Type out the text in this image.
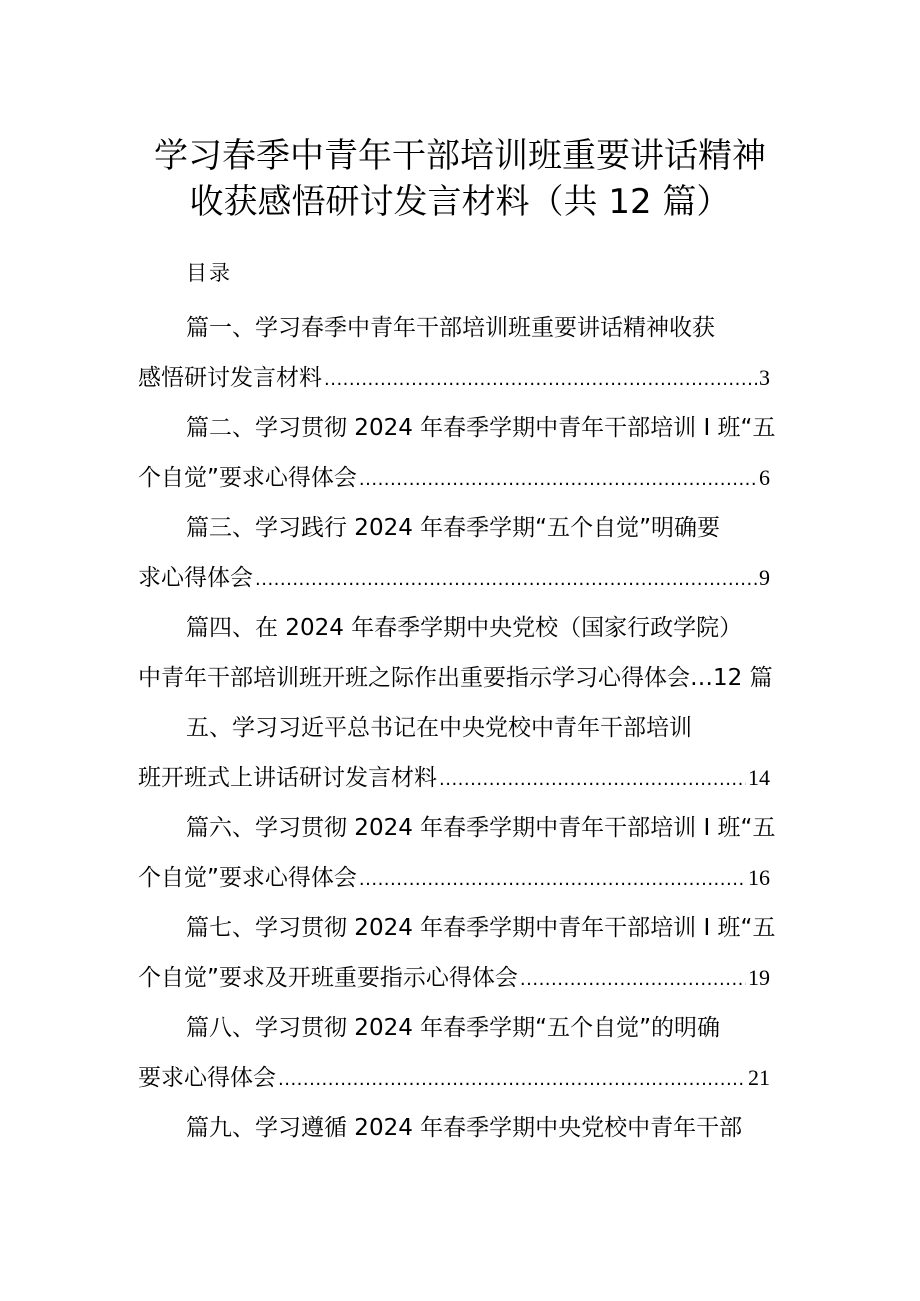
学习春季中青年干部培训班重要讲话精神
收获感悟研讨发言材料（共 12 篇）
目录
篇一、学习春季中青年干部培训班重要讲话精神收获
感悟研讨发言材料 .....	3
篇二、学习贯彻 2024 年春季学期中青年干部培训 I 班“五
个自觉”要求心得体会 .....	6
篇三、学习践行 2024 年春季学期“五个自觉”明确要
求心得体会 .....	9
篇四、在 2024 年春季学期中央党校（国家行政学院）
中青年干部培训班开班之际作出重要指示学习心得体会…12 篇
五、学习习近平总书记在中央党校中青年干部培训
班开班式上讲话研讨发言材料 .....	14
篇六、学习贯彻 2024 年春季学期中青年干部培训 I 班“五
个自觉”要求心得体会 .....	16
篇七、学习贯彻 2024 年春季学期中青年干部培训 I 班“五
个自觉”要求及开班重要指示心得体会 .....	19
篇八、学习贯彻 2024 年春季学期“五个自觉”的明确
要求心得体会 .....	21
篇九、学习遵循 2024 年春季学期中央党校中青年干部
